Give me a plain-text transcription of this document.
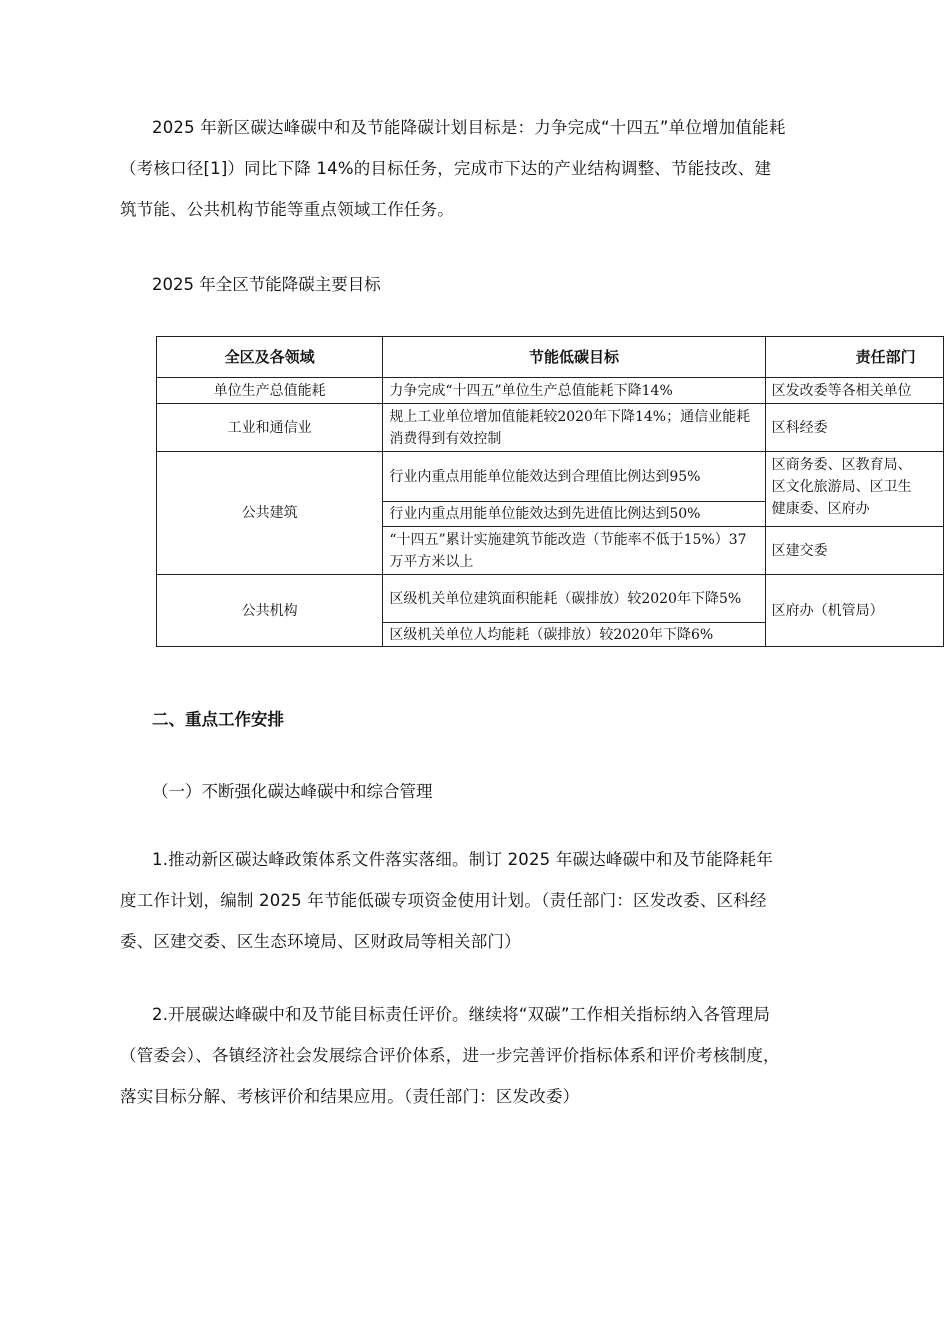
2025 年新区碳达峰碳中和及节能降碳计划目标是：力争完成“十四五”单位增加值能耗
（考核口径[1]）同比下降 14%的目标任务，完成市下达的产业结构调整、节能技改、建
筑节能、公共机构节能等重点领域工作任务。

2025 年全区节能降碳主要目标

全区及各领域	节能低碳目标	责任部门
单位生产总值能耗	力争完成“十四五”单位生产总值能耗下降14%	区发改委等各相关单位
工业和通信业	规上工业单位增加值能耗较2020年下降14%；通信业能耗消费得到有效控制	区科经委
公共建筑	行业内重点用能单位能效达到合理值比例达到95%	区商务委、区教育局、区文化旅游局、区卫生健康委、区府办

	行业内重点用能单位能效达到先进值比例达到50%	
	“十四五”累计实施建筑节能改造（节能率不低于15%）37万平方米以上	区建交委
公共机构	区级机关单位建筑面积能耗（碳排放）较2020年下降5%	区府办（机管局）
	区级机关单位人均能耗（碳排放）较2020年下降6%	

二、重点工作安排

（一）不断强化碳达峰碳中和综合管理

1.推动新区碳达峰政策体系文件落实落细。制订 2025 年碳达峰碳中和及节能降耗年
度工作计划，编制 2025 年节能低碳专项资金使用计划。（责任部门：区发改委、区科经
委、区建交委、区生态环境局、区财政局等相关部门）
2.开展碳达峰碳中和及节能目标责任评价。继续将“双碳”工作相关指标纳入各管理局
（管委会）、各镇经济社会发展综合评价体系，进一步完善评价指标体系和评价考核制度，
落实目标分解、考核评价和结果应用。（责任部门：区发改委）
